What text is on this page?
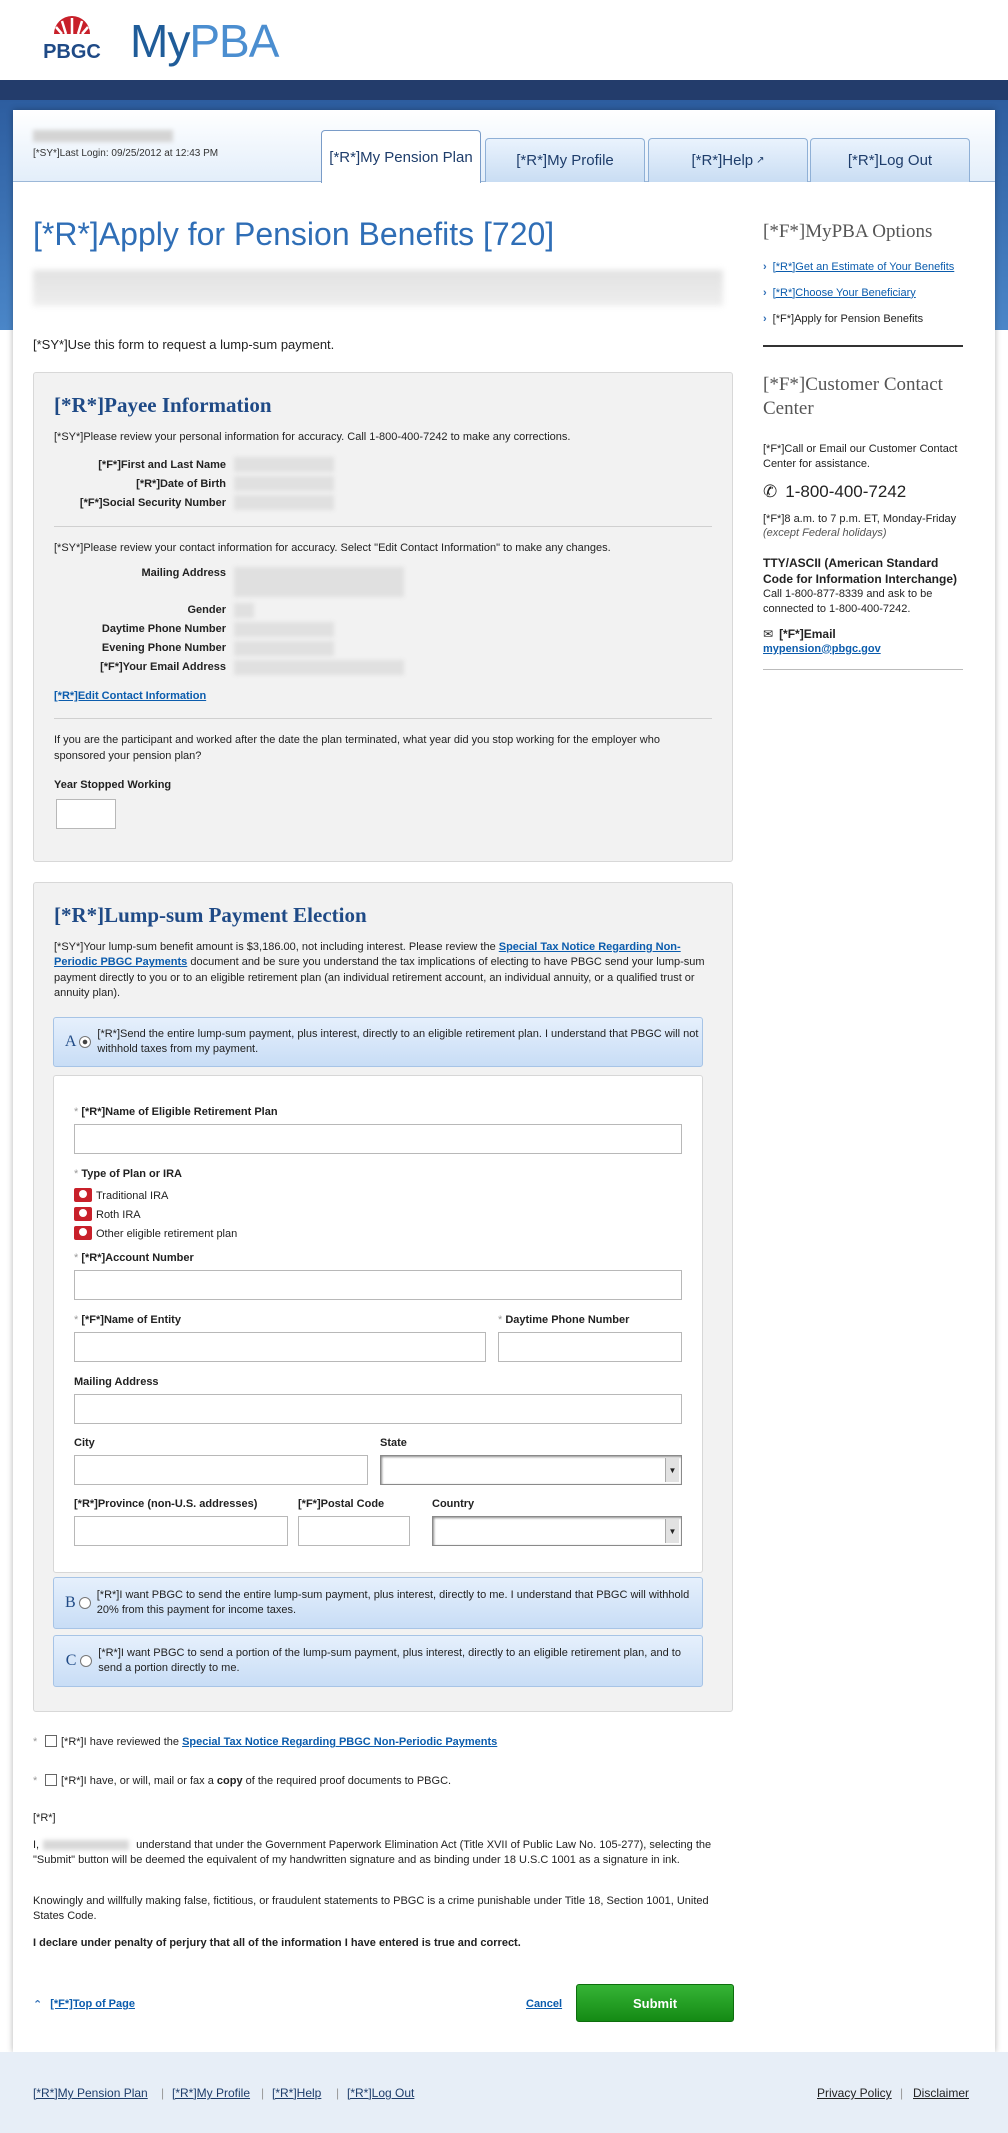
PBGC MyPBA
[*SY*]Last Login: 09/25/2012 at 12:43 PM	[*R*]My Pension Plan	[*R*]My Profile	[*R*]Help ↗	[*R*]Log Out
[*R*]Apply for Pension Benefits [720]
[*SY*]Use this form to request a lump-sum payment.
[*R*]Payee Information

[*SY*]Please review your personal information for accuracy. Call 1-800-400-7242 to make any corrections.

[*F*]First and Last Name
[*R*]Date of Birth
[*F*]Social Security Number

[*SY*]Please review your contact information for accuracy. Select "Edit Contact Information" to make any changes.

Mailing Address
Gender
Daytime Phone Number
Evening Phone Number
[*F*]Your Email Address

[*R*]Edit Contact Information

If you are the participant and worked after the date the plan terminated, what year did you stop working for the employer who sponsored your pension plan?

Year Stopped Working

[*R*]Lump-sum Payment Election

[*SY*]Your lump-sum benefit amount is $3,186.00, not including interest. Please review the Special Tax Notice Regarding Non-Periodic PBGC Payments document and be sure you understand the tax implications of electing to have PBGC send your lump-sum payment directly to you or to an eligible retirement plan (an individual retirement account, an individual annuity, or a qualified trust or annuity plan).

A [*R*]Send the entire lump-sum payment, plus interest, directly to an eligible retirement plan. I understand that PBGC will not withhold taxes from my payment.
* [*R*]Name of Eligible Retirement Plan
* Type of Plan or IRA
Traditional IRA
Roth IRA
Other eligible retirement plan
* [*R*]Account Number
* [*F*]Name of Entity	* Daytime Phone Number
Mailing Address
City	State
▼
[*R*]Province (non-U.S. addresses)	[*F*]Postal Code	Country
▼
B [*R*]I want PBGC to send the entire lump-sum payment, plus interest, directly to me. I understand that PBGC will withhold 20% from this payment for income taxes.
C	[*R*]I want PBGC to send a portion of the lump-sum payment, plus interest, directly to an eligible retirement plan, and to send a portion directly to me.
* [*R*]I have reviewed the Special Tax Notice Regarding PBGC Non-Periodic Payments
* [*R*]I have, or will, mail or fax a copy of the required proof documents to PBGC.
[*R*]
I,	understand that under the Government Paperwork Elimination Act (Title XVII of Public Law No. 105-277), selecting the "Submit" button will be deemed the equivalent of my handwritten signature and as binding under 18 U.S.C 1001 as a signature in ink.
Knowingly and willfully making false, fictitious, or fraudulent statements to PBGC is a crime punishable under Title 18, Section 1001, United States Code.
I declare under penalty of perjury that all of the information I have entered is true and correct.
⌃ [*F*]Top of Page	Cancel	Submit
[*F*]MyPBA Options
› [*R*]Get an Estimate of Your Benefits
› [*R*]Choose Your Beneficiary
› [*F*]Apply for Pension Benefits
[*F*]Customer Contact Center
[*F*]Call or Email our Customer Contact Center for assistance.
✆ 1-800-400-7242
[*F*]8 a.m. to 7 p.m. ET, Monday-Friday
(except Federal holidays)
TTY/ASCII (American Standard Code for Information Interchange)
Call 1-800-877-8339 and ask to be connected to 1-800-400-7242.
✉ [*F*]Email
mypension@pbgc.gov
[*R*]My Pension Plan | [*R*]My Profile | [*R*]Help | [*R*]Log Out	Privacy Policy | Disclaimer
